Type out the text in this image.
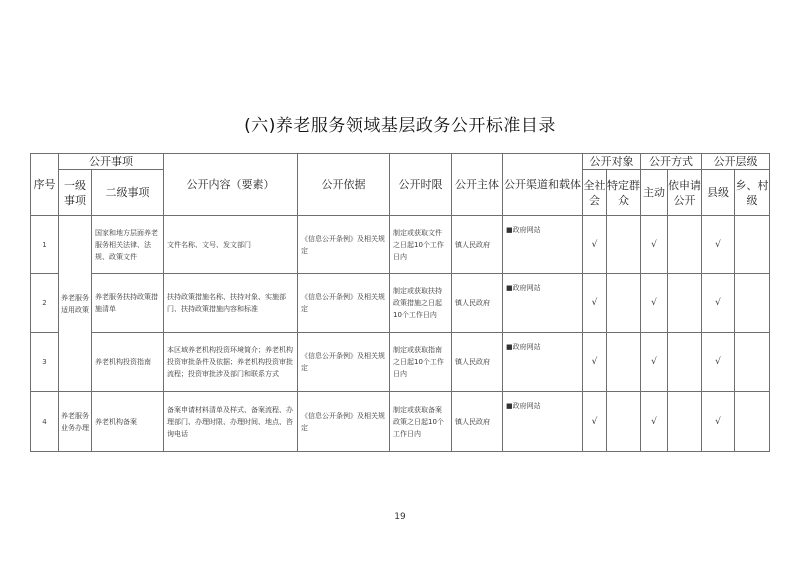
(六)养老服务领域基层政务公开标准目录
序号	公开事项		公开内容（要素）	公开依据	公开时限	公开主体	公开渠道和载体	公开对象		公开方式		公开层级	
	一级事项	二级事项						全社会	特定群众	主动	依申请公开	县级	乡、村级
1	养老服务适用政策	国家和地方层面养老服务相关法律、法规、政策文件	文件名称、文号、发文部门	《信息公开条例》及相关规定	制定或获取文件之日起10个工作日内	镇人民政府	■政府网站	√		√		√	
2		养老服务扶持政策措施清单	扶持政策措施名称、扶持对象、实施部门、扶持政策措施内容和标准	《信息公开条例》及相关规定	制定或获取扶持政策措施之日起10个工作日内	镇人民政府	■政府网站	√		√		√	
3		养老机构投资指南	本区域养老机构投资环境简介；养老机构投资审批条件及依据；养老机构投资审批流程；投资审批涉及部门和联系方式	《信息公开条例》及相关规定	制定或获取指南之日起10个工作日内	镇人民政府	■政府网站	√		√		√	
4	养老服务业务办理	养老机构备案	备案申请材料清单及样式、备案流程、办理部门、办理时限、办理时间、地点、咨询电话	《信息公开条例》及相关规定	制定或获取备案政策之日起10个工作日内	镇人民政府	■政府网站	√		√		√	
19
